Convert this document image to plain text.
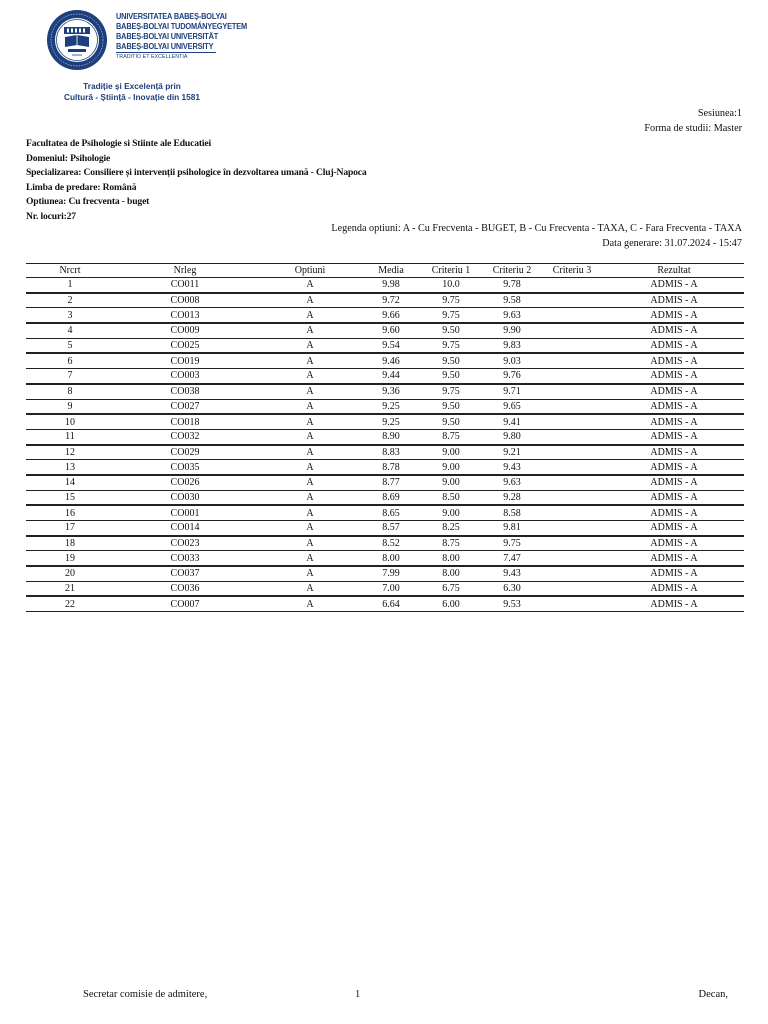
UNIVERSITATEA BABEȘ-BOLYAI
BABEȘ-BOLYAI TUDOMÁNYEGYETEM
BABEȘ-BOLYAI UNIVERSITÄT
BABEȘ-BOLYAI UNIVERSITY
TRADITIO ET EXCELLENTIA
Tradiție și Excelență prin
Cultură - Știință - Inovație din 1581
Sesiunea:1
Forma de studii: Master
Facultatea de Psihologie si Stiinte ale Educatiei
Domeniul: Psihologie
Specializarea: Consiliere și intervenții psihologice în dezvoltarea umană - Cluj-Napoca
Limba de predare: Română
Optiunea: Cu frecventa - buget
Nr. locuri:27
Legenda optiuni: A - Cu Frecventa - BUGET, B - Cu Frecventa - TAXA, C - Fara Frecventa - TAXA
Data generare: 31.07.2024 - 15:47
Nrcrt	Nrleg	Optiuni	Media	Criteriu 1	Criteriu 2	Criteriu 3	Rezultat
1	CO011	A	9.98	10.0	9.78		ADMIS - A
2	CO008	A	9.72	9.75	9.58		ADMIS - A
3	CO013	A	9.66	9.75	9.63		ADMIS - A
4	CO009	A	9.60	9.50	9.90		ADMIS - A
5	CO025	A	9.54	9.75	9.83		ADMIS - A
6	CO019	A	9.46	9.50	9.03		ADMIS - A
7	CO003	A	9.44	9.50	9.76		ADMIS - A
8	CO038	A	9.36	9.75	9.71		ADMIS - A
9	CO027	A	9.25	9.50	9.65		ADMIS - A
10	CO018	A	9.25	9.50	9.41		ADMIS - A
11	CO032	A	8.90	8.75	9.80		ADMIS - A
12	CO029	A	8.83	9.00	9.21		ADMIS - A
13	CO035	A	8.78	9.00	9.43		ADMIS - A
14	CO026	A	8.77	9.00	9.63		ADMIS - A
15	CO030	A	8.69	8.50	9.28		ADMIS - A
16	CO001	A	8.65	9.00	8.58		ADMIS - A
17	CO014	A	8.57	8.25	9.81		ADMIS - A
18	CO023	A	8.52	8.75	9.75		ADMIS - A
19	CO033	A	8.00	8.00	7.47		ADMIS - A
20	CO037	A	7.99	8.00	9.43		ADMIS - A
21	CO036	A	7.00	6.75	6.30		ADMIS - A
22	CO007	A	6.64	6.00	9.53		ADMIS - A
Secretar comisie de admitere,	1	Decan,
